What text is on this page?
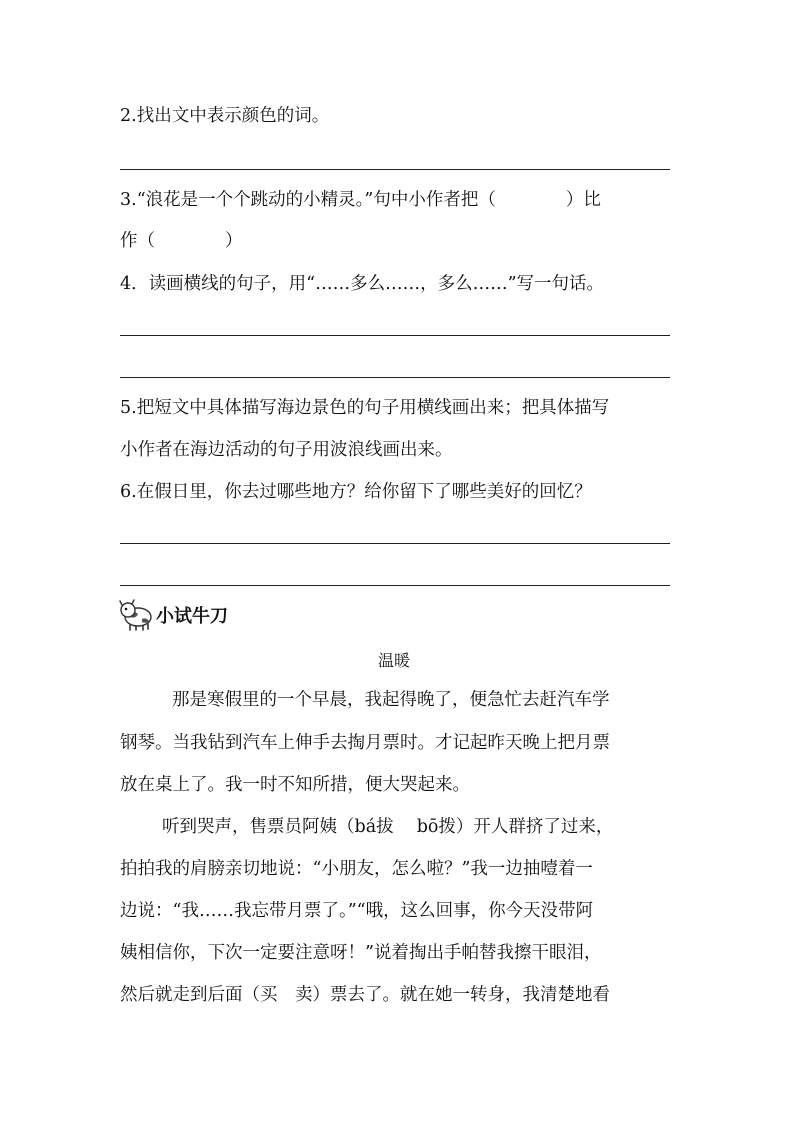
2.找出文中表示颜色的词。
3.“浪花是一个个跳动的小精灵。”句中小作者把（　　　　）比
作（　　　　）
4．读画横线的句子，用“……多么……，多么……”写一句话。
5.把短文中具体描写海边景色的句子用横线画出来；把具体描写
小作者在海边活动的句子用波浪线画出来。
6.在假日里，你去过哪些地方？给你留下了哪些美好的回忆？
小试牛刀
温暖
那是寒假里的一个早晨，我起得晚了，便急忙去赶汽车学
钢琴。当我钻到汽车上伸手去掏月票时。才记起昨天晚上把月票
放在桌上了。我一时不知所措，便大哭起来。
听到哭声，售票员阿姨（bá拔　 bō拨）开人群挤了过来，
拍拍我的肩膀亲切地说：“小朋友，怎么啦？”我一边抽噎着一
边说：“我……我忘带月票了。”“哦，这么回事，你今天没带阿
姨相信你，下次一定要注意呀！”说着掏出手帕替我擦干眼泪，
然后就走到后面（买　卖）票去了。就在她一转身，我清楚地看
